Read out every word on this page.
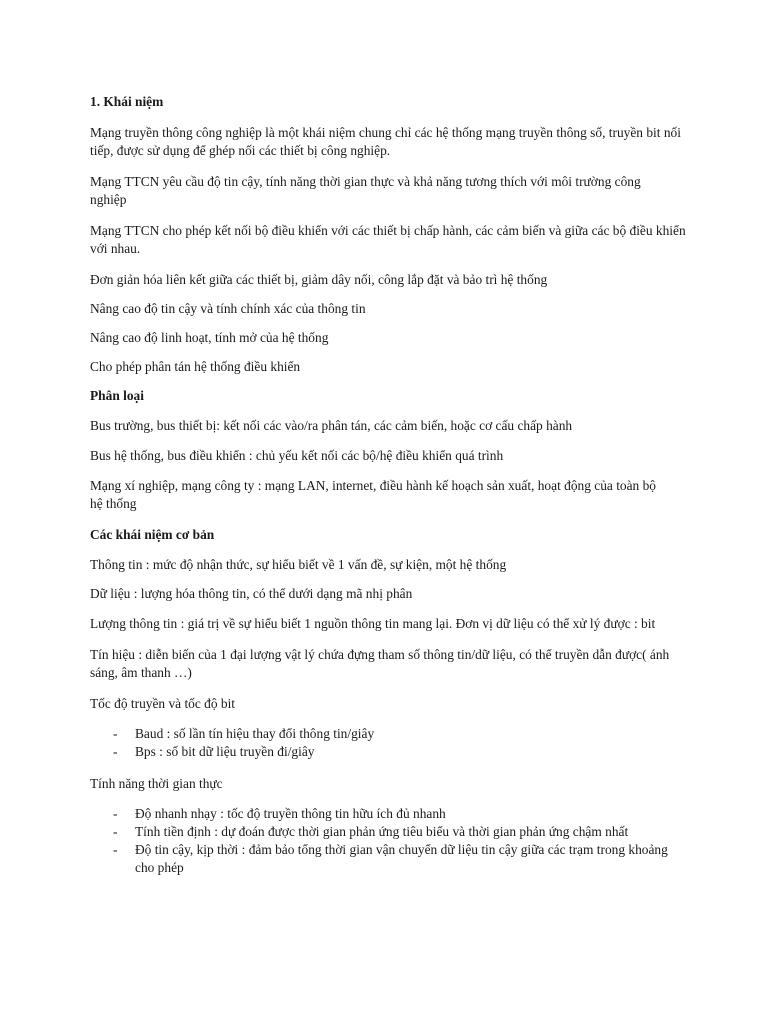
1. Khái niệm

Mạng truyền thông công nghiệp là một khái niệm chung chỉ các hệ thống mạng truyền thông số, truyền bit nối tiếp, được sử dụng để ghép nối các thiết bị công nghiệp.

Mạng TTCN yêu cầu độ tin cậy, tính năng thời gian thực và khả năng tương thích với môi trường công nghiệp

Mạng TTCN cho phép kết nối bộ điều khiển với các thiết bị chấp hành, các cảm biến và giữa các bộ điều khiển với nhau.

Đơn giản hóa liên kết giữa các thiết bị, giảm dây nối, công lắp đặt và bảo trì hệ thống

Nâng cao độ tin cậy và tính chính xác của thông tin

Nâng cao độ linh hoạt, tính mở của hệ thống

Cho phép phân tán hệ thống điều khiển

Phân loại

Bus trường, bus thiết bị: kết nối các vào/ra phân tán, các cảm biến, hoặc cơ cấu chấp hành

Bus hệ thống, bus điều khiển : chủ yếu kết nối các bộ/hệ điều khiển quá trình

Mạng xí nghiệp, mạng công ty : mạng LAN, internet, điều hành kế hoạch sản xuất, hoạt động của toàn bộ hệ thống

Các khái niệm cơ bản

Thông tin : mức độ nhận thức, sự hiểu biết về 1 vấn đề, sự kiện, một hệ thống

Dữ liệu : lượng hóa thông tin, có thể dưới dạng mã nhị phân

Lượng thông tin : giá trị về sự hiểu biết 1 nguồn thông tin mang lại. Đơn vị dữ liệu có thể xử lý được : bit

Tín hiệu : diễn biến của 1 đại lượng vật lý chứa đựng tham số thông tin/dữ liệu, có thể truyền dẫn được( ánh sáng, âm thanh …)

Tốc độ truyền và tốc độ bit

- Baud : số lần tín hiệu thay đổi thông tin/giây
- Bps : số bit dữ liệu truyền đi/giây

Tính năng thời gian thực

- Độ nhanh nhạy : tốc độ truyền thông tin hữu ích đủ nhanh
- Tính tiền định : dự đoán được thời gian phản ứng tiêu biểu và thời gian phản ứng chậm nhất
- Độ tin cậy, kịp thời : đảm bảo tổng thời gian vận chuyển dữ liệu tin cậy giữa các trạm trong khoảng cho phép
